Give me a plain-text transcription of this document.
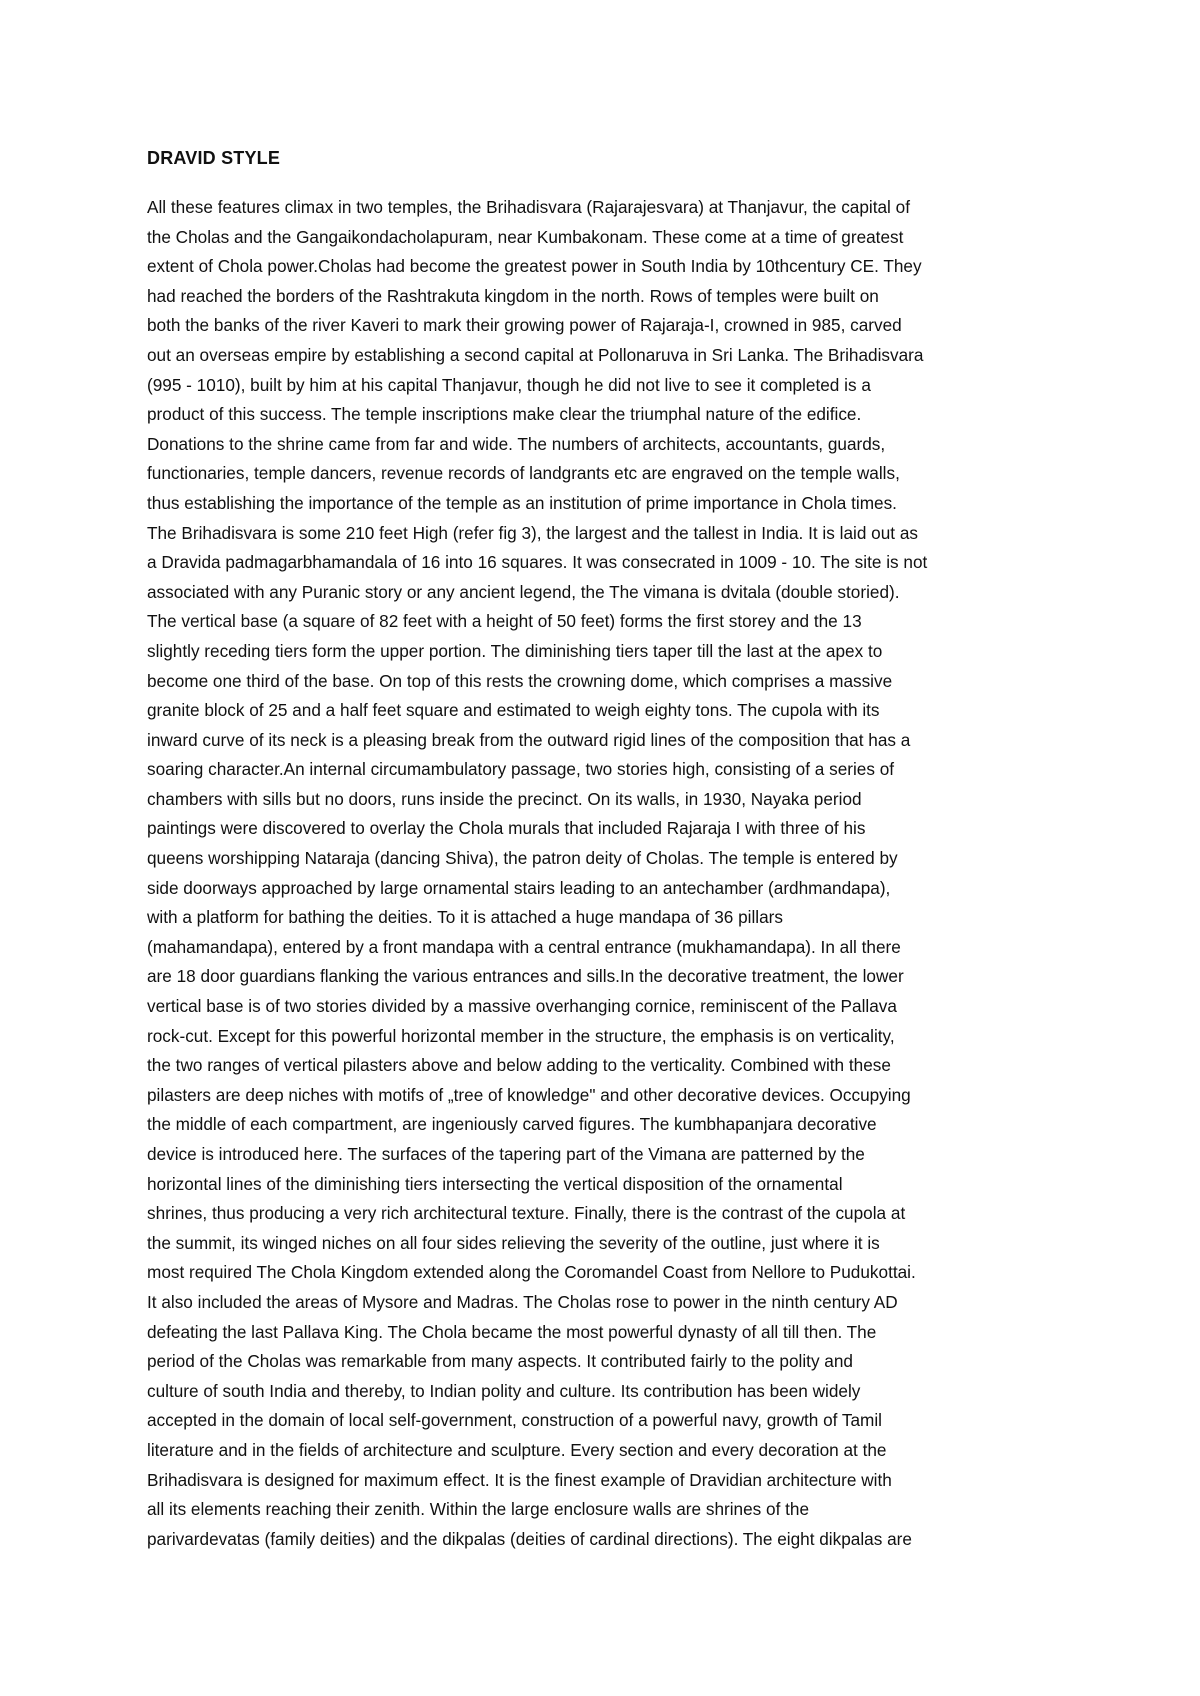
DRAVID STYLE
All these features climax in two temples, the Brihadisvara (Rajarajesvara) at Thanjavur, the capital of
the Cholas and the Gangaikondacholapuram, near Kumbakonam. These come at a time of greatest
extent of Chola power.Cholas had become the greatest power in South India by 10thcentury CE. They
had reached the borders of the Rashtrakuta kingdom in the north. Rows of temples were built on
both the banks of the river Kaveri to mark their growing power of Rajaraja-I, crowned in 985, carved
out an overseas empire by establishing a second capital at Pollonaruva in Sri Lanka. The Brihadisvara
(995 - 1010), built by him at his capital Thanjavur, though he did not live to see it completed is a
product of this success. The temple inscriptions make clear the triumphal nature of the edifice.
Donations to the shrine came from far and wide. The numbers of architects, accountants, guards,
functionaries, temple dancers, revenue records of landgrants etc are engraved on the temple walls,
thus establishing the importance of the temple as an institution of prime importance in Chola times.
The Brihadisvara is some 210 feet High (refer fig 3), the largest and the tallest in India. It is laid out as
a Dravida padmagarbhamandala of 16 into 16 squares. It was consecrated in 1009 - 10. The site is not
associated with any Puranic story or any ancient legend, the The vimana is dvitala (double storied).
The vertical base (a square of 82 feet with a height of 50 feet) forms the first storey and the 13
slightly receding tiers form the upper portion. The diminishing tiers taper till the last at the apex to
become one third of the base. On top of this rests the crowning dome, which comprises a massive
granite block of 25 and a half feet square and estimated to weigh eighty tons. The cupola with its
inward curve of its neck is a pleasing break from the outward rigid lines of the composition that has a
soaring character.An internal circumambulatory passage, two stories high, consisting of a series of
chambers with sills but no doors, runs inside the precinct. On its walls, in 1930, Nayaka period
paintings were discovered to overlay the Chola murals that included Rajaraja I with three of his
queens worshipping Nataraja (dancing Shiva), the patron deity of Cholas. The temple is entered by
side doorways approached by large ornamental stairs leading to an antechamber (ardhmandapa),
with a platform for bathing the deities. To it is attached a huge mandapa of 36 pillars
(mahamandapa), entered by a front mandapa with a central entrance (mukhamandapa). In all there
are 18 door guardians flanking the various entrances and sills.In the decorative treatment, the lower
vertical base is of two stories divided by a massive overhanging cornice, reminiscent of the Pallava
rock-cut. Except for this powerful horizontal member in the structure, the emphasis is on verticality,
the two ranges of vertical pilasters above and below adding to the verticality. Combined with these
pilasters are deep niches with motifs of „tree of knowledge" and other decorative devices. Occupying
the middle of each compartment, are ingeniously carved figures. The kumbhapanjara decorative
device is introduced here. The surfaces of the tapering part of the Vimana are patterned by the
horizontal lines of the diminishing tiers intersecting the vertical disposition of the ornamental
shrines, thus producing a very rich architectural texture. Finally, there is the contrast of the cupola at
the summit, its winged niches on all four sides relieving the severity of the outline, just where it is
most required The Chola Kingdom extended along the Coromandel Coast from Nellore to Pudukottai.
It also included the areas of Mysore and Madras. The Cholas rose to power in the ninth century AD
defeating the last Pallava King. The Chola became the most powerful dynasty of all till then. The
period of the Cholas was remarkable from many aspects. It contributed fairly to the polity and
culture of south India and thereby, to Indian polity and culture. Its contribution has been widely
accepted in the domain of local self-government, construction of a powerful navy, growth of Tamil
literature and in the fields of architecture and sculpture. Every section and every decoration at the
Brihadisvara is designed for maximum effect. It is the finest example of Dravidian architecture with
all its elements reaching their zenith. Within the large enclosure walls are shrines of the
parivardevatas (family deities) and the dikpalas (deities of cardinal directions). The eight dikpalas are
